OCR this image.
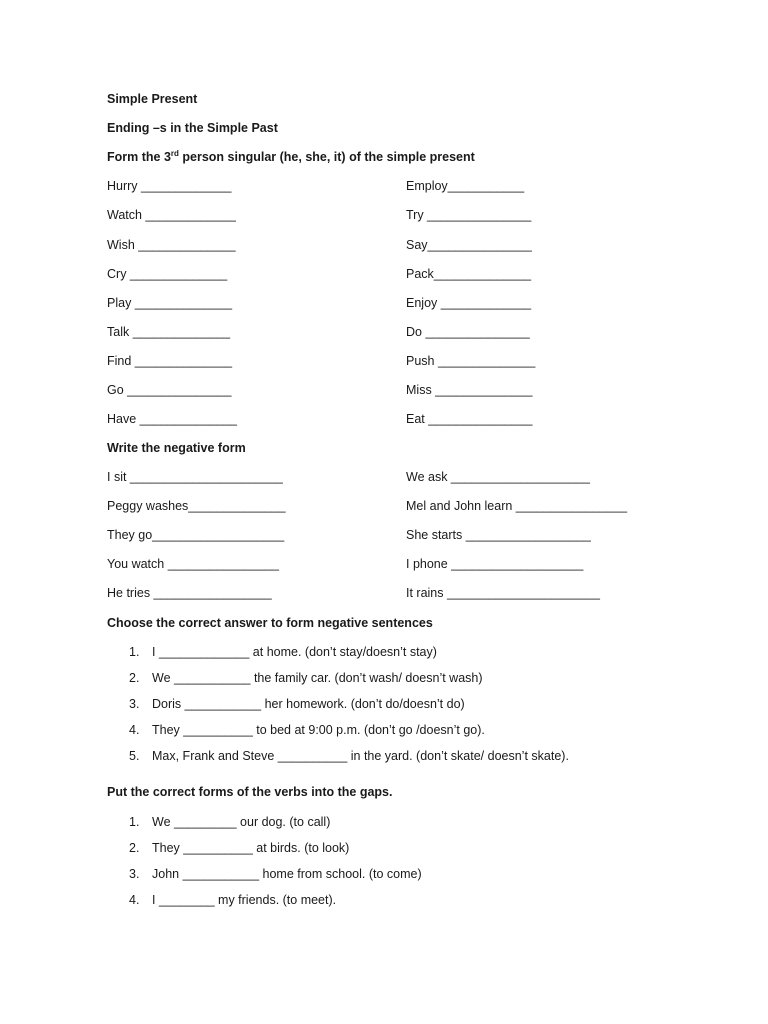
Simple Present
Ending –s in the Simple Past
Form the 3rd person singular (he, she, it) of the simple present
Hurry _____________	Employ___________
Watch _____________	Try _______________
Wish ______________	Say_______________
Cry ______________	Pack______________
Play ______________	Enjoy _____________
Talk ______________	Do _______________
Find ______________	Push ______________
Go _______________	Miss ______________
Have ______________	Eat _______________
Write the negative form
I sit ______________________	We ask ____________________
Peggy washes______________	Mel and John learn ________________
They go___________________	She starts __________________
You watch ________________	I phone ___________________
He tries _________________	It rains ______________________
Choose the correct answer to form negative sentences
1. I _____________ at home. (don’t stay/doesn’t stay)
2. We ___________ the family car. (don’t wash/ doesn’t wash)
3. Doris ___________ her homework. (don’t do/doesn’t do)
4. They __________ to bed at 9:00 p.m. (don’t go /doesn’t go).
5. Max, Frank and Steve __________ in the yard. (don’t skate/ doesn’t skate).
Put the correct forms of the verbs into the gaps.
1. We _________ our dog. (to call)
2. They __________ at birds. (to look)
3. John ___________ home from school. (to come)
4. I ________ my friends. (to meet).
